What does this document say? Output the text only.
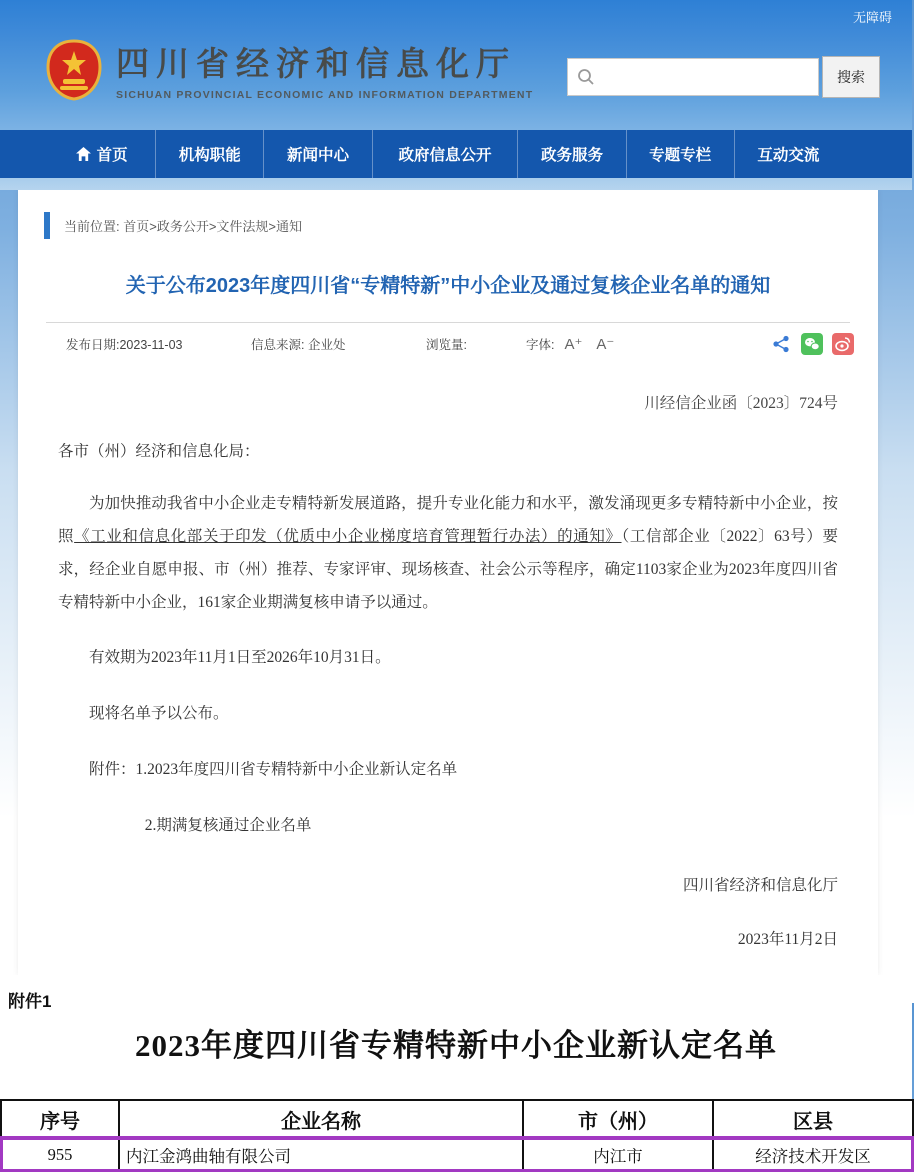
无障碍
四川省经济和信息化厅
SICHUAN PROVINCIAL ECONOMIC AND INFORMATION DEPARTMENT
搜索
首页	机构职能	新闻中心	政府信息公开	政务服务	专题专栏	互动交流
当前位置: 首页>政务公开>文件法规>通知
关于公布2023年度四川省“专精特新”中小企业及通过复核企业名单的通知
发布日期:2023-11-03	信息来源: 企业处	浏览量:	字体: A⁺ A⁻

川经信企业函〔2023〕724号

各市（州）经济和信息化局：

为加快推动我省中小企业走专精特新发展道路，提升专业化能力和水平，激发涌现更多专精特新中小企业，按照《工业和信息化部关于印发（优质中小企业梯度培育管理暂行办法）的通知》（工信部企业〔2022〕63号）要求，经企业自愿申报、市（州）推荐、专家评审、现场核查、社会公示等程序，确定1103家企业为2023年度四川省专精特新中小企业，161家企业期满复核申请予以通过。

有效期为2023年11月1日至2026年10月31日。

现将名单予以公布。

附件：1.2023年度四川省专精特新中小企业新认定名单

2.期满复核通过企业名单

四川省经济和信息化厅

2023年11月2日

附件1
2023年度四川省专精特新中小企业新认定名单
序号	企业名称	市（州）	区县
955	内江金鸿曲轴有限公司	内江市	经济技术开发区
